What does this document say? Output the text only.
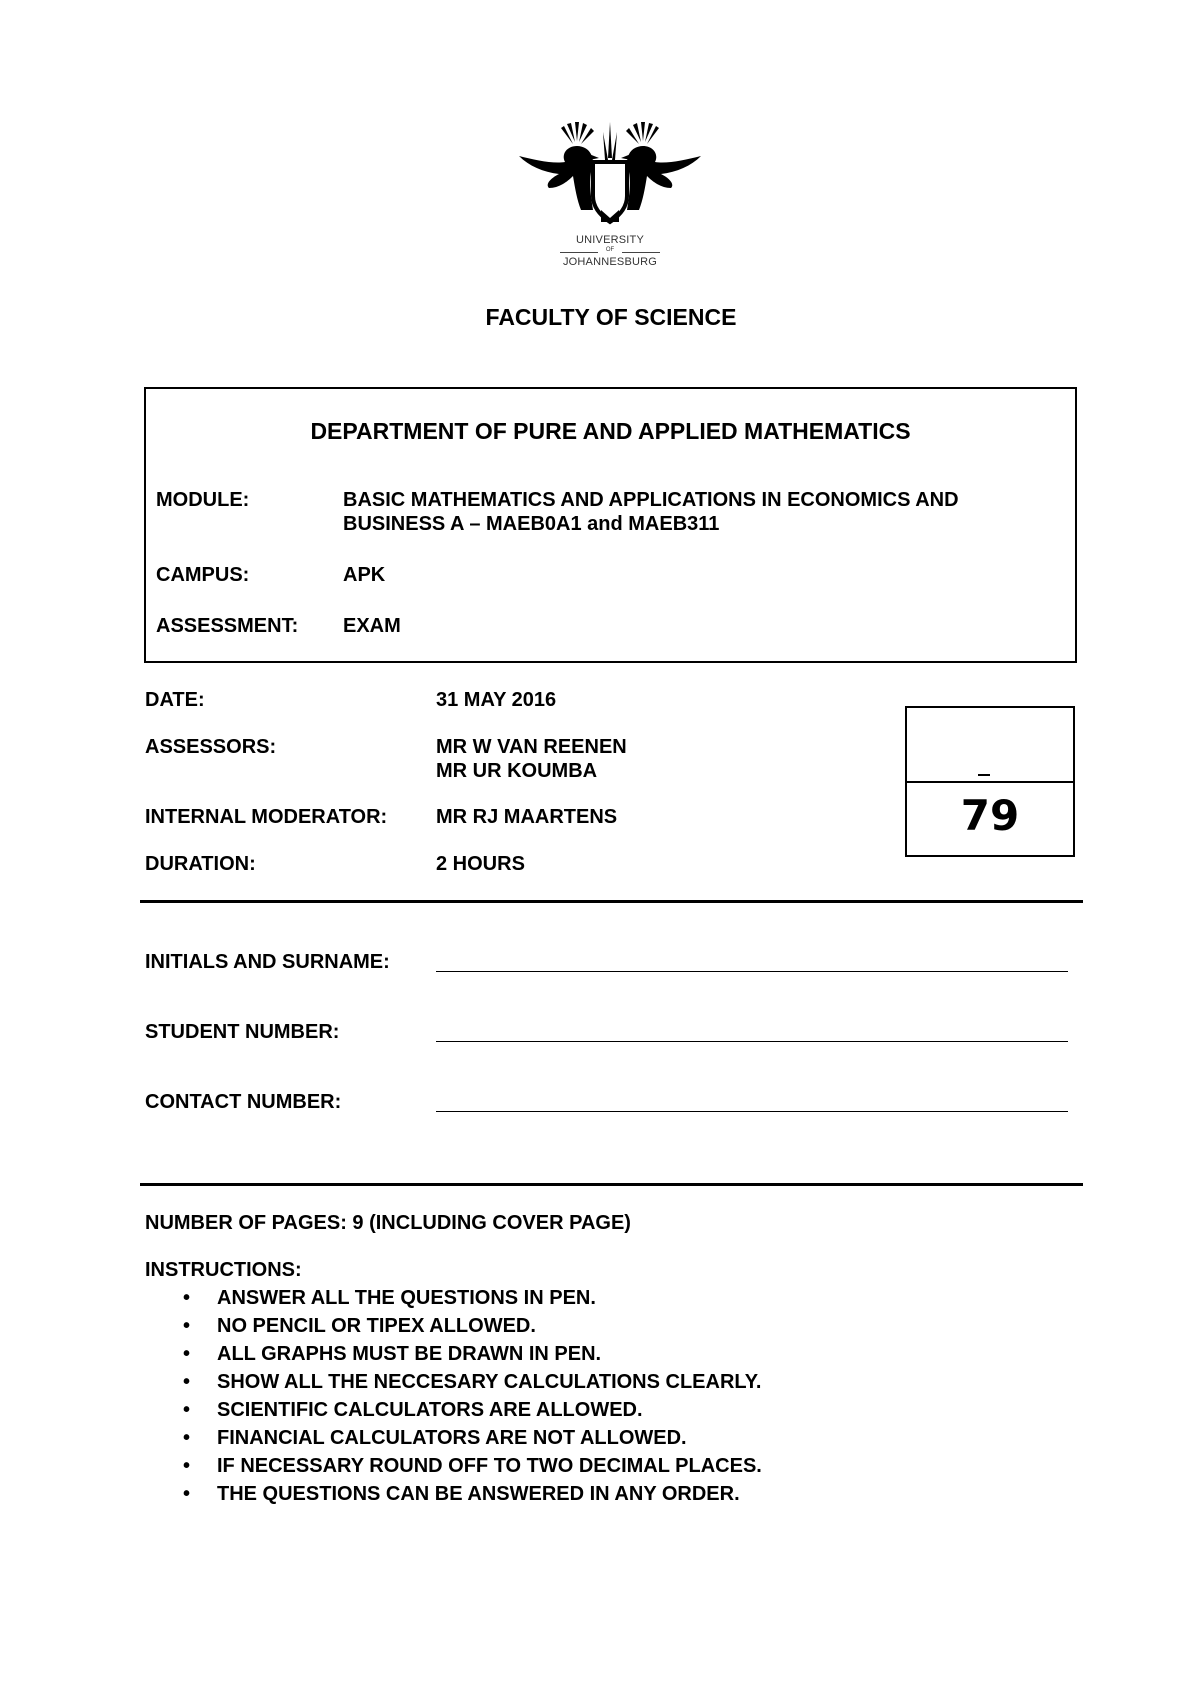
UNIVERSITY
OF
JOHANNESBURG
FACULTY OF SCIENCE
DEPARTMENT OF PURE AND APPLIED MATHEMATICS
MODULE:	BASIC MATHEMATICS AND APPLICATIONS IN ECONOMICS AND
BUSINESS A – MAEB0A1 and MAEB311
CAMPUS:	APK
ASSESSMENT: EXAM
DATE:	31 MAY 2016
ASSESSORS:	MR W VAN REENEN
MR UR KOUMBA
INTERNAL MODERATOR: MR RJ MAARTENS
DURATION:	2 HOURS
79
INITIALS AND SURNAME:
STUDENT NUMBER:
CONTACT NUMBER:
NUMBER OF PAGES: 9 (INCLUDING COVER PAGE)
INSTRUCTIONS:
• ANSWER ALL THE QUESTIONS IN PEN.
• NO PENCIL OR TIPEX ALLOWED.
• ALL GRAPHS MUST BE DRAWN IN PEN.
• SHOW ALL THE NECCESARY CALCULATIONS CLEARLY.
• SCIENTIFIC CALCULATORS ARE ALLOWED.
• FINANCIAL CALCULATORS ARE NOT ALLOWED.
• IF NECESSARY ROUND OFF TO TWO DECIMAL PLACES.
• THE QUESTIONS CAN BE ANSWERED IN ANY ORDER.
